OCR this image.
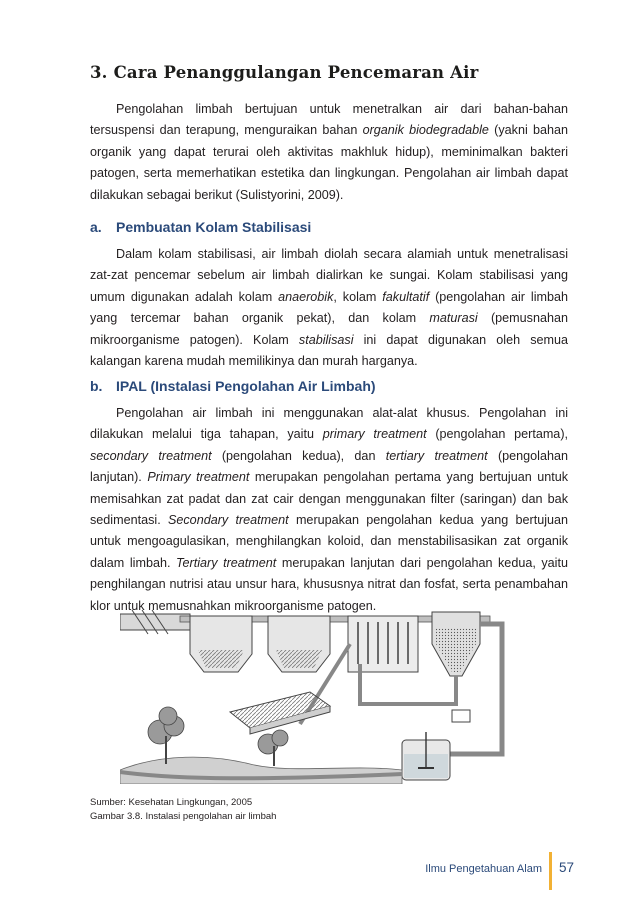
3. Cara Penanggulangan Pencemaran Air

Pengolahan limbah bertujuan untuk menetralkan air dari bahan-bahan tersuspensi dan terapung, menguraikan bahan organik biodegradable (yakni bahan organik yang dapat terurai oleh aktivitas makhluk hidup), meminimalkan bakteri patogen, serta memerhatikan estetika dan lingkungan. Pengolahan air limbah dapat dilakukan sebagai berikut (Sulistyorini, 2009).

a. Pembuatan Kolam Stabilisasi

Dalam kolam stabilisasi, air limbah diolah secara alamiah untuk menetralisasi zat-zat pencemar sebelum air limbah dialirkan ke sungai. Kolam stabilisasi yang umum digunakan adalah kolam anaerobik, kolam fakultatif (pengolahan air limbah yang tercemar bahan organik pekat), dan kolam maturasi (pemusnahan mikroorganisme patogen). Kolam stabilisasi ini dapat digunakan oleh semua kalangan karena mudah memilikinya dan murah harganya.

b. IPAL (Instalasi Pengolahan Air Limbah)

Pengolahan air limbah ini menggunakan alat-alat khusus. Pengolahan ini dilakukan melalui tiga tahapan, yaitu primary treatment (pengolahan pertama), secondary treatment (pengolahan kedua), dan tertiary treatment (pengolahan lanjutan). Primary treatment merupakan pengolahan pertama yang bertujuan untuk memisahkan zat padat dan zat cair dengan menggunakan filter (saringan) dan bak sedimentasi. Secondary treatment merupakan pengolahan kedua yang bertujuan untuk mengoagulasikan, menghilangkan koloid, dan menstabilisasikan zat organik dalam limbah. Tertiary treatment merupakan lanjutan dari pengolahan kedua, yaitu penghilangan nutrisi atau unsur hara, khususnya nitrat dan fosfat, serta penambahan klor untuk memusnahkan mikroorganisme patogen.

Sumber: Kesehatan Lingkungan, 2005
Gambar 3.8. Instalasi pengolahan air limbah
Ilmu Pengetahuan Alam 57
